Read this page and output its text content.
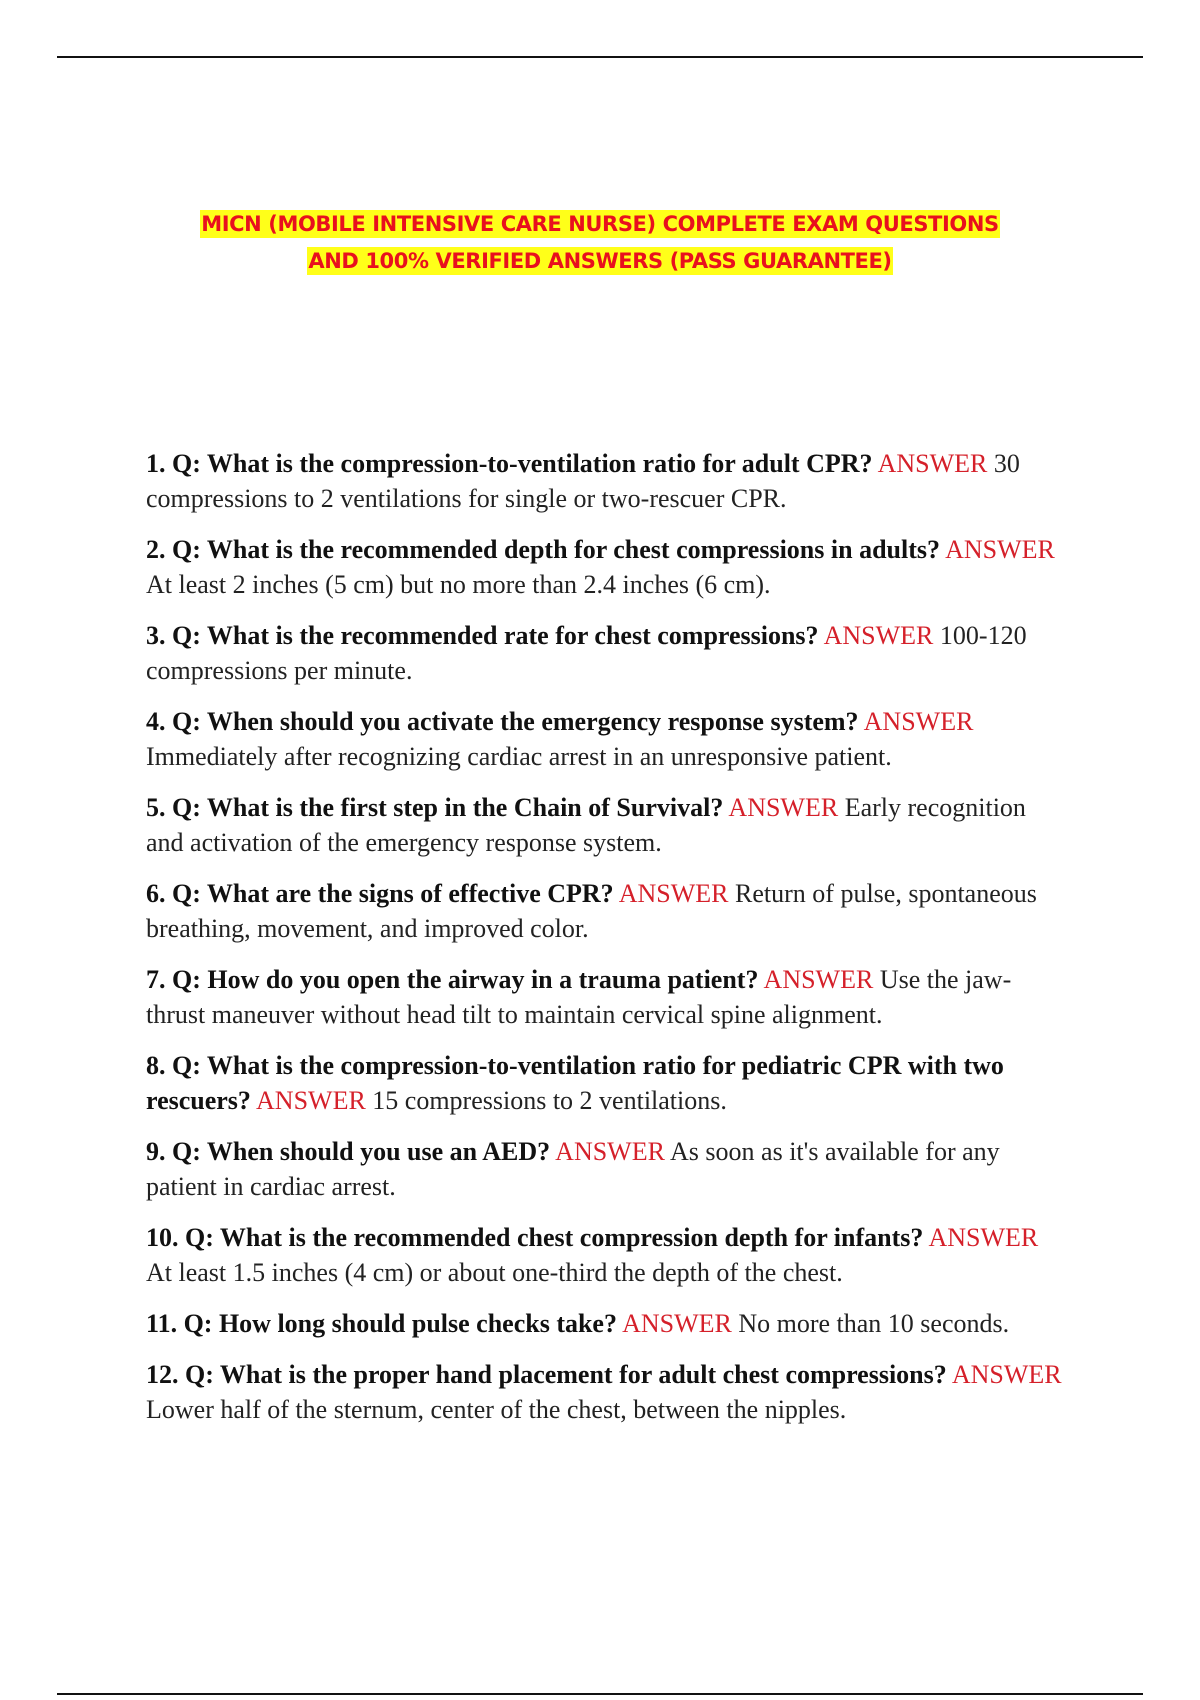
MICN (MOBILE INTENSIVE CARE NURSE) COMPLETE EXAM QUESTIONS
AND 100% VERIFIED ANSWERS (PASS GUARANTEE)
1. Q: What is the compression-to-ventilation ratio for adult CPR? ANSWER 30 compressions to 2 ventilations for single or two-rescuer CPR.
2. Q: What is the recommended depth for chest compressions in adults? ANSWER At least 2 inches (5 cm) but no more than 2.4 inches (6 cm).
3. Q: What is the recommended rate for chest compressions? ANSWER 100-120 compressions per minute.
4. Q: When should you activate the emergency response system? ANSWER Immediately after recognizing cardiac arrest in an unresponsive patient.
5. Q: What is the first step in the Chain of Survival? ANSWER Early recognition and activation of the emergency response system.
6. Q: What are the signs of effective CPR? ANSWER Return of pulse, spontaneous breathing, movement, and improved color.
7. Q: How do you open the airway in a trauma patient? ANSWER Use the jaw-thrust maneuver without head tilt to maintain cervical spine alignment.
8. Q: What is the compression-to-ventilation ratio for pediatric CPR with two rescuers? ANSWER 15 compressions to 2 ventilations.
9. Q: When should you use an AED? ANSWER As soon as it's available for any patient in cardiac arrest.
10. Q: What is the recommended chest compression depth for infants? ANSWER At least 1.5 inches (4 cm) or about one-third the depth of the chest.
11. Q: How long should pulse checks take? ANSWER No more than 10 seconds.
12. Q: What is the proper hand placement for adult chest compressions? ANSWER Lower half of the sternum, center of the chest, between the nipples.
